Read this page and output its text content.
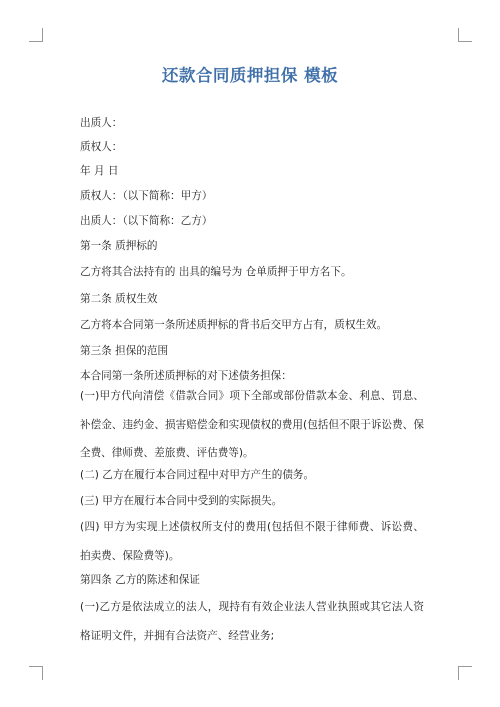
还款合同质押担保 模板
出质人：
质权人：
年 月 日
质权人：（以下简称：甲方）
出质人：（以下简称：乙方）
第一条 质押标的
乙方将其合法持有的 出具的编号为 仓单质押于甲方名下。
第二条 质权生效
乙方将本合同第一条所述质押标的背书后交甲方占有，质权生效。
第三条 担保的范围
本合同第一条所述质押标的对下述债务担保：
(一)甲方代向清偿《借款合同》项下全部或部份借款本金、利息、罚息、补偿金、违约金、损害赔偿金和实现债权的费用(包括但不限于诉讼费、保全费、律师费、差旅费、评估费等)。
(二) 乙方在履行本合同过程中对甲方产生的债务。
(三) 甲方在履行本合同中受到的实际损失。
(四) 甲方为实现上述债权所支付的费用(包括但不限于律师费、诉讼费、拍卖费、保险费等)。
第四条 乙方的陈述和保证
(一)乙方是依法成立的法人，现持有有效企业法人营业执照或其它法人资格证明文件，并拥有合法资产、经营业务;
